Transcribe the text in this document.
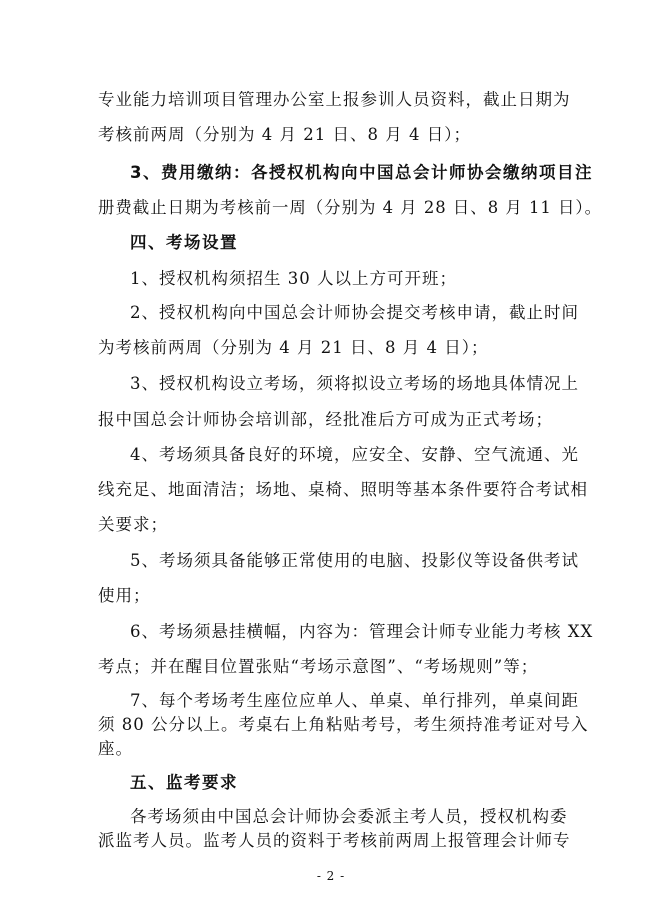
专业能力培训项目管理办公室上报参训人员资料，截止日期为
考核前两周（分别为 4 月 21 日、8 月 4 日）；
3、费用缴纳：各授权机构向中国总会计师协会缴纳项目注
册费截止日期为考核前一周（分别为 4 月 28 日、8 月 11 日）。
四、考场设置
1、授权机构须招生 30 人以上方可开班；
2、授权机构向中国总会计师协会提交考核申请，截止时间
为考核前两周（分别为 4 月 21 日、8 月 4 日）；
3、授权机构设立考场，须将拟设立考场的场地具体情况上
报中国总会计师协会培训部，经批准后方可成为正式考场；
4、考场须具备良好的环境，应安全、安静、空气流通、光
线充足、地面清洁；场地、桌椅、照明等基本条件要符合考试相
关要求；
5、考场须具备能够正常使用的电脑、投影仪等设备供考试
使用；
6、考场须悬挂横幅，内容为：管理会计师专业能力考核 XX
考点；并在醒目位置张贴“考场示意图”、“考场规则”等；
7、每个考场考生座位应单人、单桌、单行排列，单桌间距
须 80 公分以上。考桌右上角粘贴考号，考生须持准考证对号入
座。
五、监考要求
各考场须由中国总会计师协会委派主考人员，授权机构委
派监考人员。监考人员的资料于考核前两周上报管理会计师专
- 2 -
